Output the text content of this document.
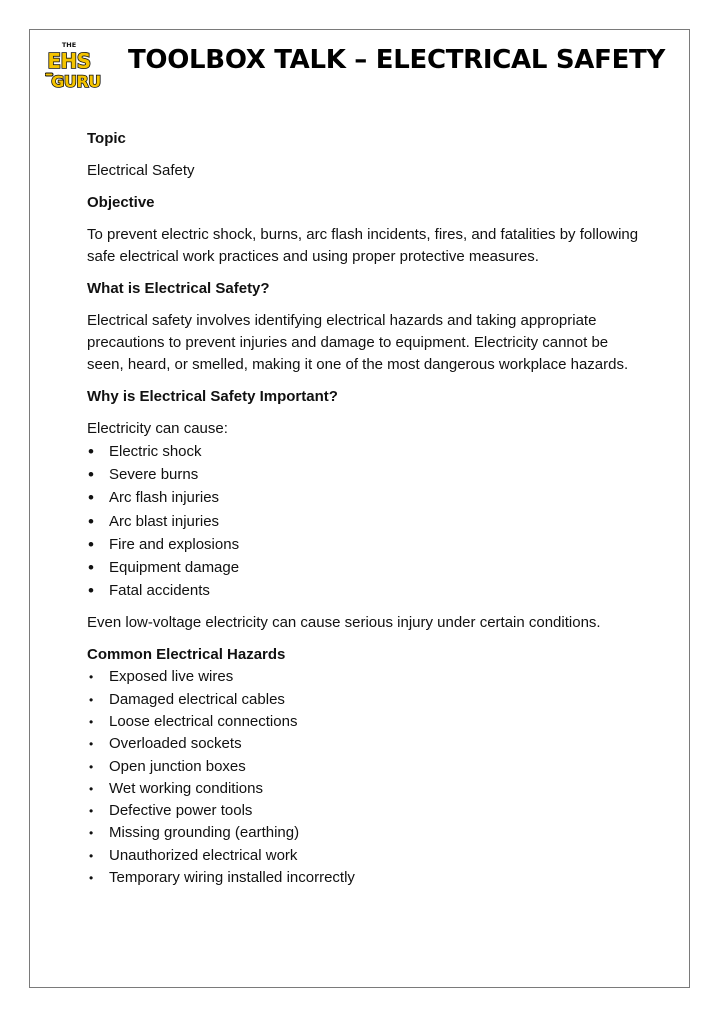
THE
EHS
GURU
TOOLBOX TALK – ELECTRICAL SAFETY

Topic

Electrical Safety

Objective

To prevent electric shock, burns, arc flash incidents, fires, and fatalities by following safe electrical work practices and using proper protective measures.

What is Electrical Safety?

Electrical safety involves identifying electrical hazards and taking appropriate precautions to prevent injuries and damage to equipment. Electricity cannot be seen, heard, or smelled, making it one of the most dangerous workplace hazards.

Why is Electrical Safety Important?

Electricity can cause:

• Electric shock
• Severe burns
• Arc flash injuries
• Arc blast injuries
• Fire and explosions
• Equipment damage
• Fatal accidents

Even low-voltage electricity can cause serious injury under certain conditions.

Common Electrical Hazards

• Exposed live wires
• Damaged electrical cables
• Loose electrical connections
• Overloaded sockets
• Open junction boxes
• Wet working conditions
• Defective power tools
• Missing grounding (earthing)
• Unauthorized electrical work
• Temporary wiring installed incorrectly
